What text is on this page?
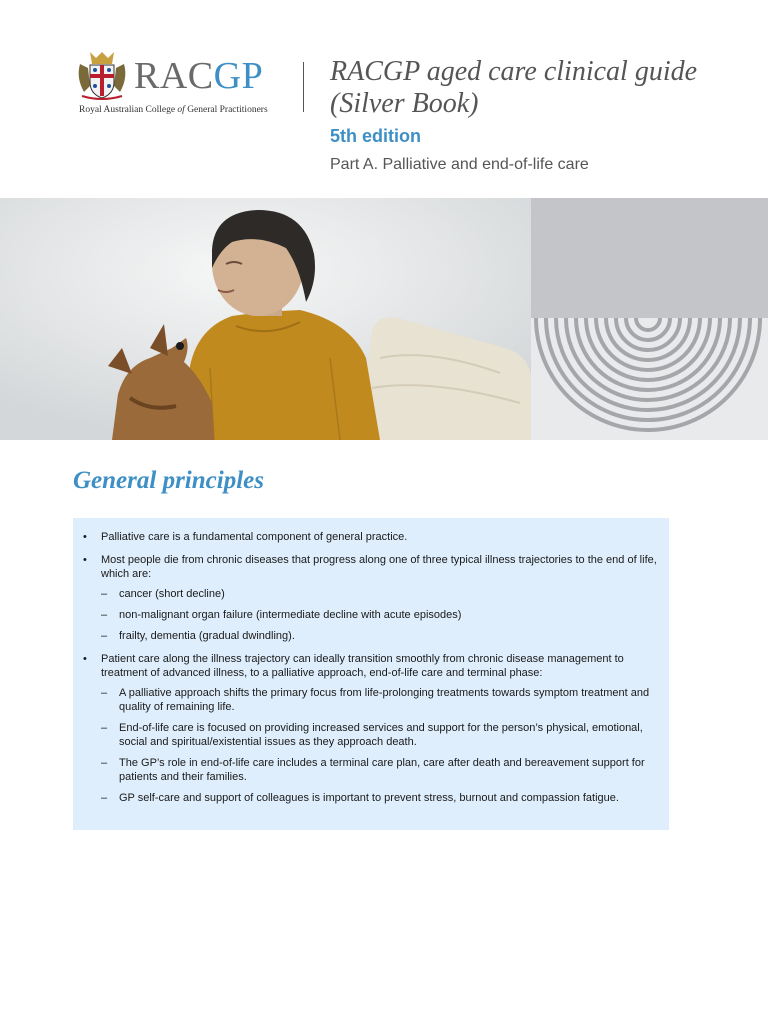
RACGP
Royal Australian College of General Practitioners
RACGP aged care clinical guide (Silver Book)
5th edition
Part A. Palliative and end-of-life care
General principles
• Palliative care is a fundamental component of general practice.
• Most people die from chronic diseases that progress along one of three typical illness trajectories to the end of life, which are:
– cancer (short decline)
– non-malignant organ failure (intermediate decline with acute episodes)
– frailty, dementia (gradual dwindling).
• Patient care along the illness trajectory can ideally transition smoothly from chronic disease management to treatment of advanced illness, to a palliative approach, end-of-life care and terminal phase:
– A palliative approach shifts the primary focus from life-prolonging treatments towards symptom treatment and quality of remaining life.
– End-of-life care is focused on providing increased services and support for the person’s physical, emotional, social and spiritual/existential issues as they approach death.
– The GP’s role in end-of-life care includes a terminal care plan, care after death and bereavement support for patients and their families.
– GP self-care and support of colleagues is important to prevent stress, burnout and compassion fatigue.
